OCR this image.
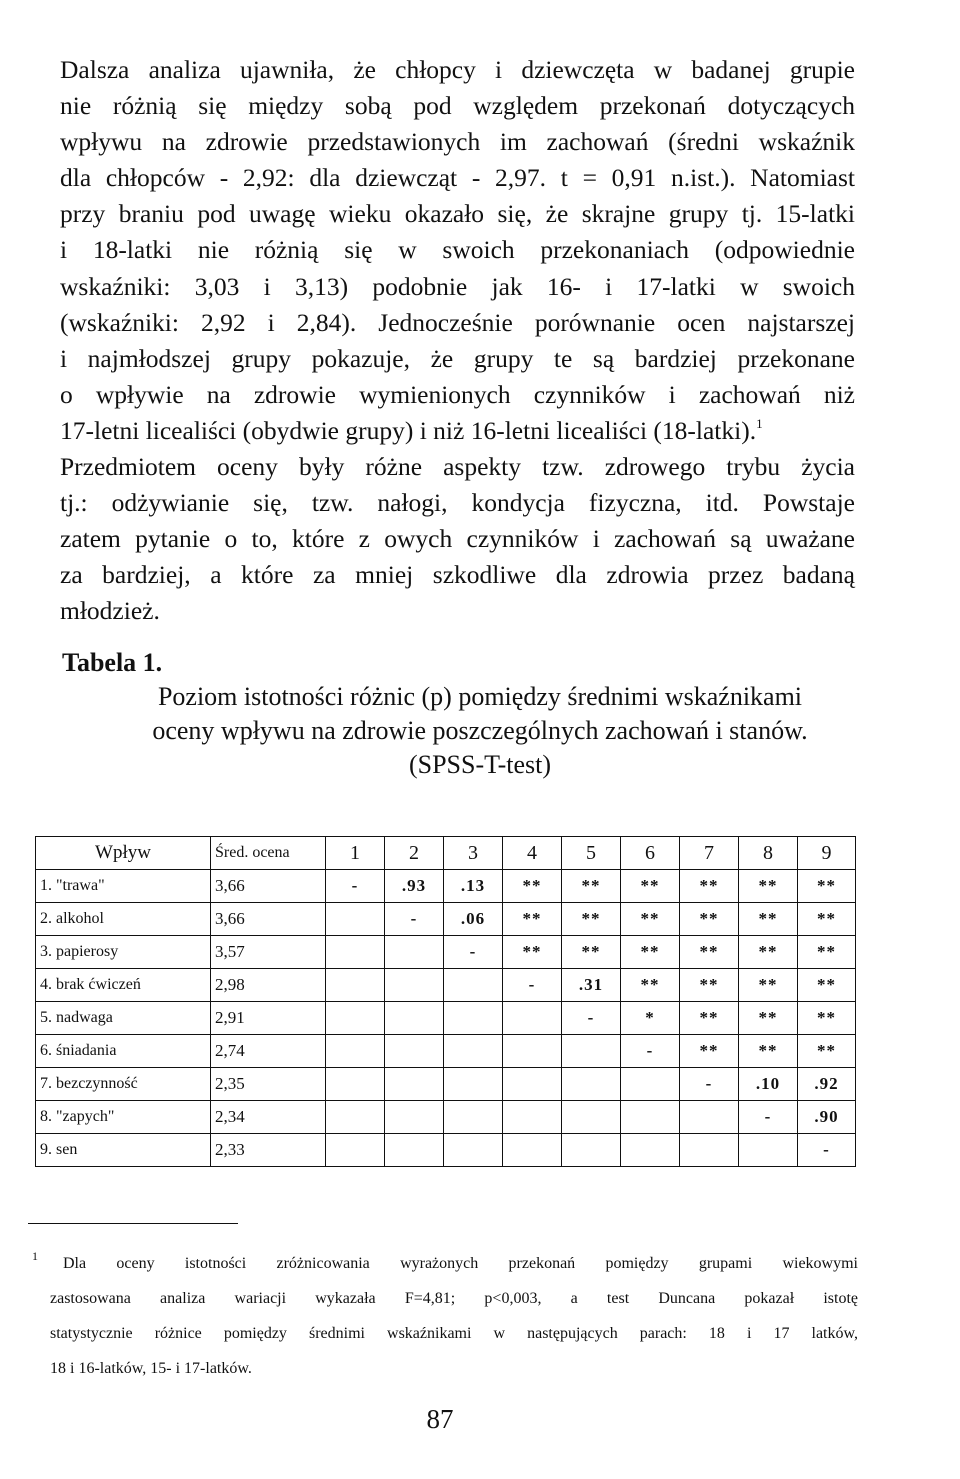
Dalsza analiza ujawniła, że chłopcy i dziewczęta w badanej grupie
nie różnią się między sobą pod względem przekonań dotyczących
wpływu na zdrowie przedstawionych im zachowań (średni wskaźnik
dla chłopców - 2,92: dla dziewcząt - 2,97. t = 0,91 n.ist.). Natomiast
przy braniu pod uwagę wieku okazało się, że skrajne grupy tj. 15-latki
i 18-latki nie różnią się w swoich przekonaniach (odpowiednie
wskaźniki: 3,03 i 3,13) podobnie jak 16- i 17-latki w swoich
(wskaźniki: 2,92 i 2,84). Jednocześnie porównanie ocen najstarszej
i najmłodszej grupy pokazuje, że grupy te są bardziej przekonane
o wpływie na zdrowie wymienionych czynników i zachowań niż
17-letni licealiści (obydwie grupy) i niż 16-letni licealiści (18-latki).$^1$
Przedmiotem oceny były różne aspekty tzw. zdrowego trybu życia
tj.: odżywianie się, tzw. nałogi, kondycja fizyczna, itd. Powstaje
zatem pytanie o to, które z owych czynników i zachowań są uważane
za bardziej, a które za mniej szkodliwe dla zdrowia przez badaną
młodzież.

Tabela 1.

Poziom istotności różnic (p) pomiędzy średnimi wskaźnikami
oceny wpływu na zdrowie poszczególnych zachowań i stanów.
(SPSS-T-test)

Wpływ	Śred. ocena	1	2	3	4	5	6	7	8	9
1. "trawa"	3,66	-	.93	.13	**	**	**	**	**	**
2. alkohol	3,66		-	.06	**	**	**	**	**	**
3. papierosy	3,57			-	**	**	**	**	**	**
4. brak ćwiczeń	2,98				-	.31	**	**	**	**
5. nadwaga	2,91					-	*	**	**	**
6. śniadania	2,74						-	**	**	**
7. bezczynność	2,35							-	.10	.92
8. "zapych"	2,34								-	.90
9. sen	2,33									-

1	Dla oceny istotności zróżnicowania wyrażonych przekonań pomiędzy grupami wiekowymi
zastosowana analiza wariacji wykazała F=4,81; p<0,003, a test Duncana pokazał istotę
statystycznie różnice pomiędzy średnimi wskaźnikami w następujących parach: 18 i 17 latków,
18 i 16-latków, 15- i 17-latków.

87
